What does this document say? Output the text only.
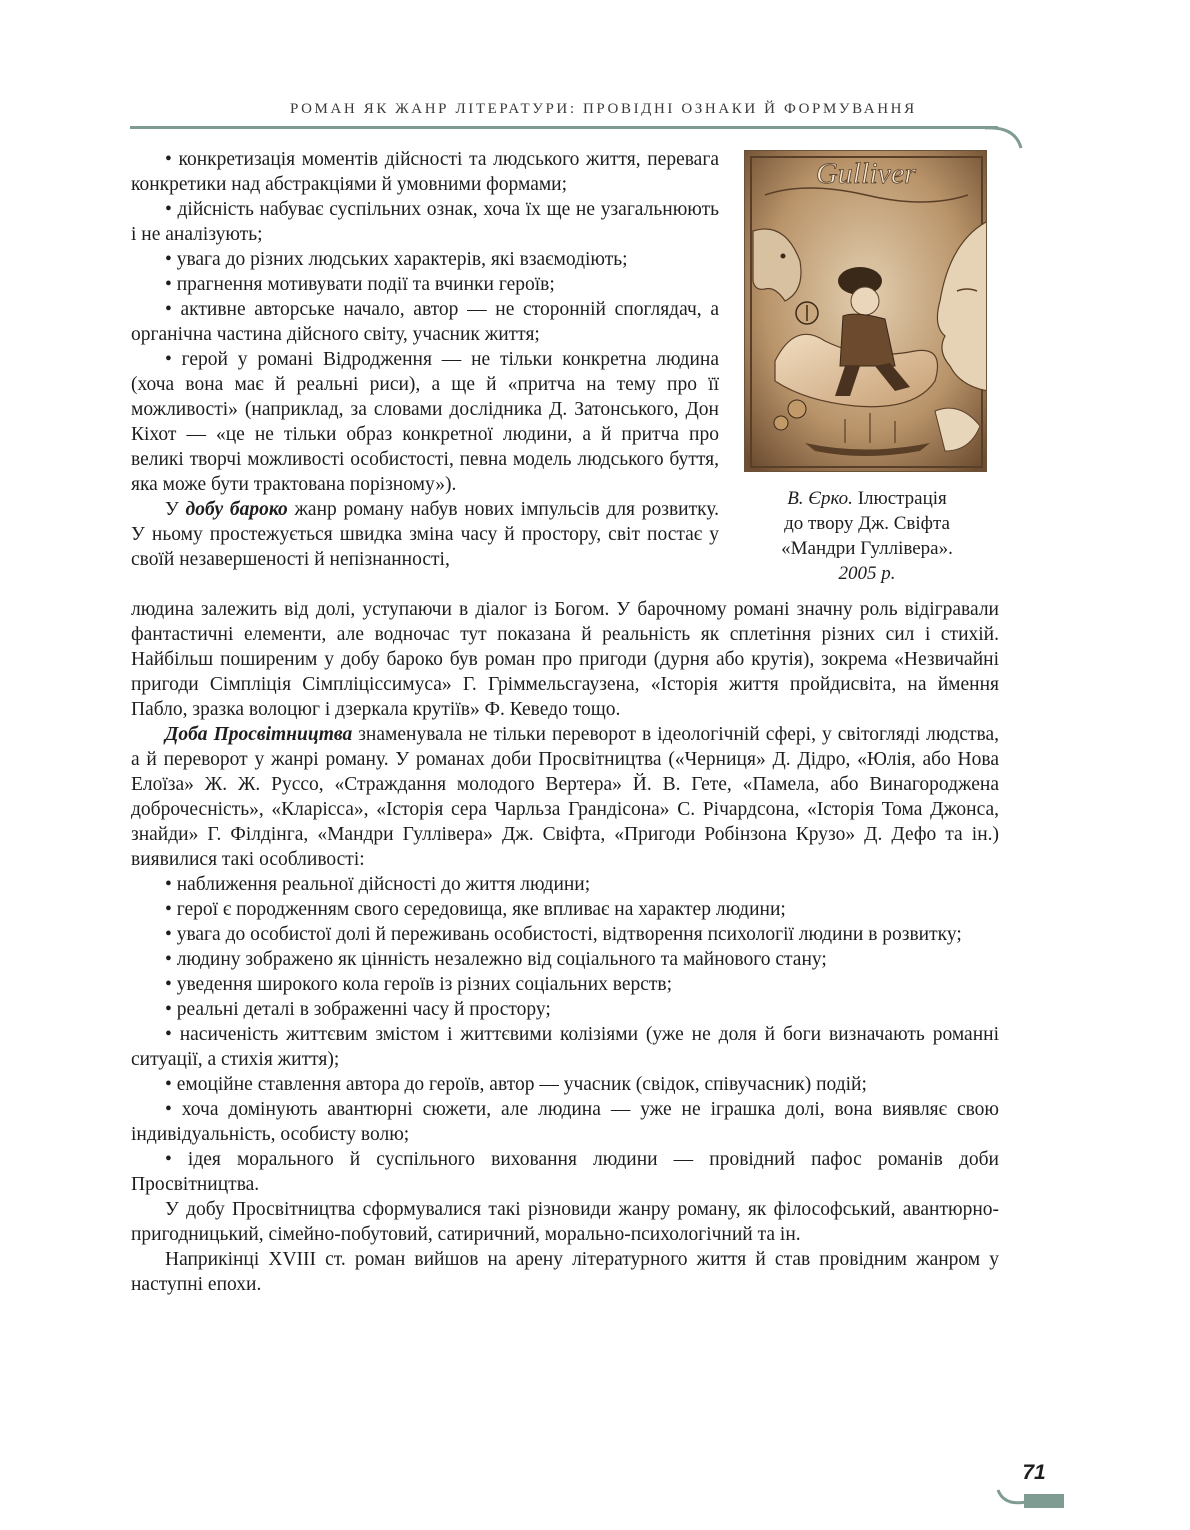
РОМАН ЯК ЖАНР ЛІТЕРАТУРИ: ПРОВІДНІ ОЗНАКИ Й ФОРМУВАННЯ

• конкретизація моментів дійсності та людського життя, перевага конкретики над абстракціями й умовними формами;

• дійсність набуває суспільних ознак, хоча їх ще не узагальнюють і не аналізують;

• увага до різних людських характерів, які взаємодіють;

• прагнення мотивувати події та вчинки героїв;

• активне авторське начало, автор — не сторонній споглядач, а органічна частина дійсного світу, учасник життя;

• герой у романі Відродження — не тільки конкретна людина (хоча вона має й реальні риси), а ще й «притча на тему про її можливості» (наприклад, за словами дослідника Д. Затонського, Дон Кіхот — «це не тільки образ конкретної людини, а й притча про великі творчі можливості особистості, певна модель людського буття, яка може бути трактована порізному»).

У добу бароко жанр роману набув нових імпульсів для розвитку. У ньому простежується швидка зміна часу й простору, світ постає у своїй незавершеності й непізнанності,

Gulliver
В. Єрко. Ілюстрація
до твору Дж. Свіфта
«Мандри Гуллівера».
2005 р.

людина залежить від долі, уступаючи в діалог із Богом. У барочному романі значну роль відігравали фантастичні елементи, але водночас тут показана й реальність як сплетіння різних сил і стихій. Найбільш поширеним у добу бароко був роман про пригоди (дурня або крутія), зокрема «Незвичайні пригоди Сімпліція Сімпліціссимуса» Г. Гріммельсгаузена, «Історія життя пройдисвіта, на ймення Пабло, зразка волоцюг і дзеркала крутіїв» Ф. Кеведо тощо.

Доба Просвітництва знаменувала не тільки переворот в ідеологічній сфері, у світогляді людства, а й переворот у жанрі роману. У романах доби Просвітництва («Черниця» Д. Дідро, «Юлія, або Нова Елоїза» Ж. Ж. Руссо, «Страждання молодого Вертера» Й. В. Гете, «Памела, або Винагороджена доброчесність», «Кларісса», «Історія сера Чарльза Грандісона» С. Річардсона, «Історія Тома Джонса, знайди» Г. Філдінга, «Мандри Гуллівера» Дж. Свіфта, «Пригоди Робінзона Крузо» Д. Дефо та ін.) виявилися такі особливості:

• наближення реальної дійсності до життя людини;

• герої є породженням свого середовища, яке впливає на характер людини;

• увага до особистої долі й переживань особистості, відтворення психології людини в розвитку;

• людину зображено як цінність незалежно від соціального та майнового стану;

• уведення широкого кола героїв із різних соціальних верств;

• реальні деталі в зображенні часу й простору;

• насиченість життєвим змістом і життєвими колізіями (уже не доля й боги визначають романні ситуації, а стихія життя);

• емоційне ставлення автора до героїв, автор — учасник (свідок, співучасник) подій;

• хоча домінують авантюрні сюжети, але людина — уже не іграшка долі, вона виявляє свою індивідуальність, особисту волю;

• ідея морального й суспільного виховання людини — провідний пафос романів доби Просвітництва.

У добу Просвітництва сформувалися такі різновиди жанру роману, як філософський, авантюрно-пригодницький, сімейно-побутовий, сатиричний, морально-психологічний та ін.

Наприкінці XVIII ст. роман вийшов на арену літературного життя й став провідним жанром у наступні епохи.

71
